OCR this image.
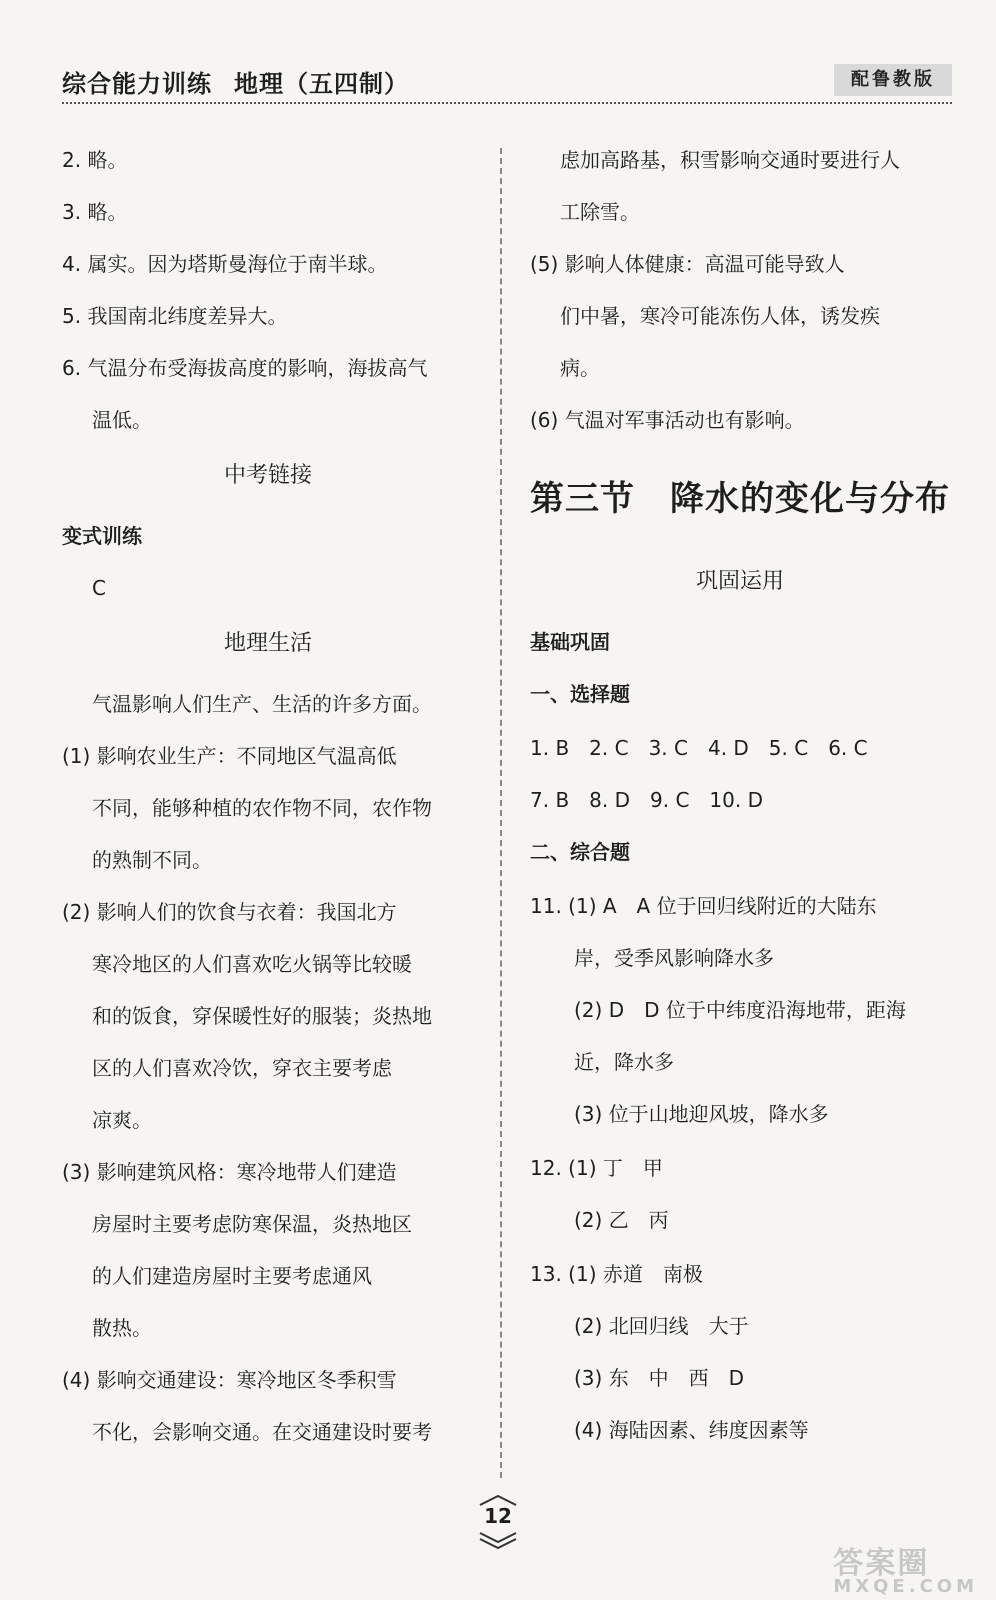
综合能力训练 地理（五四制）	配鲁教版
2. 略。
3. 略。
4. 属实。因为塔斯曼海位于南半球。
5. 我国南北纬度差异大。
6. 气温分布受海拔高度的影响，海拔高气
温低。
中考链接
变式训练
C
地理生活
气温影响人们生产、生活的许多方面。
(1) 影响农业生产：不同地区气温高低
不同，能够种植的农作物不同，农作物
的熟制不同。
(2) 影响人们的饮食与衣着：我国北方
寒冷地区的人们喜欢吃火锅等比较暖
和的饭食，穿保暖性好的服装；炎热地
区的人们喜欢冷饮，穿衣主要考虑
凉爽。
(3) 影响建筑风格：寒冷地带人们建造
房屋时主要考虑防寒保温，炎热地区
的人们建造房屋时主要考虑通风
散热。
(4) 影响交通建设：寒冷地区冬季积雪
不化，会影响交通。在交通建设时要考
虑加高路基，积雪影响交通时要进行人
工除雪。
(5) 影响人体健康：高温可能导致人
们中暑，寒冷可能冻伤人体，诱发疾
病。
(6) 气温对军事活动也有影响。
第三节　降水的变化与分布
巩固运用
基础巩固
一、选择题
1. B　2. C　3. C　4. D　5. C　6. C
7. B　8. D　9. C　10. D
二、综合题
11. (1) A　A 位于回归线附近的大陆东
岸，受季风影响降水多
(2) D　D 位于中纬度沿海地带，距海
近，降水多
(3) 位于山地迎风坡，降水多
12. (1) 丁　甲
(2) 乙　丙
13. (1) 赤道　南极
(2) 北回归线　大于
(3) 东　中　西　D
(4) 海陆因素、纬度因素等
12
答案圈
MXQE.COM
